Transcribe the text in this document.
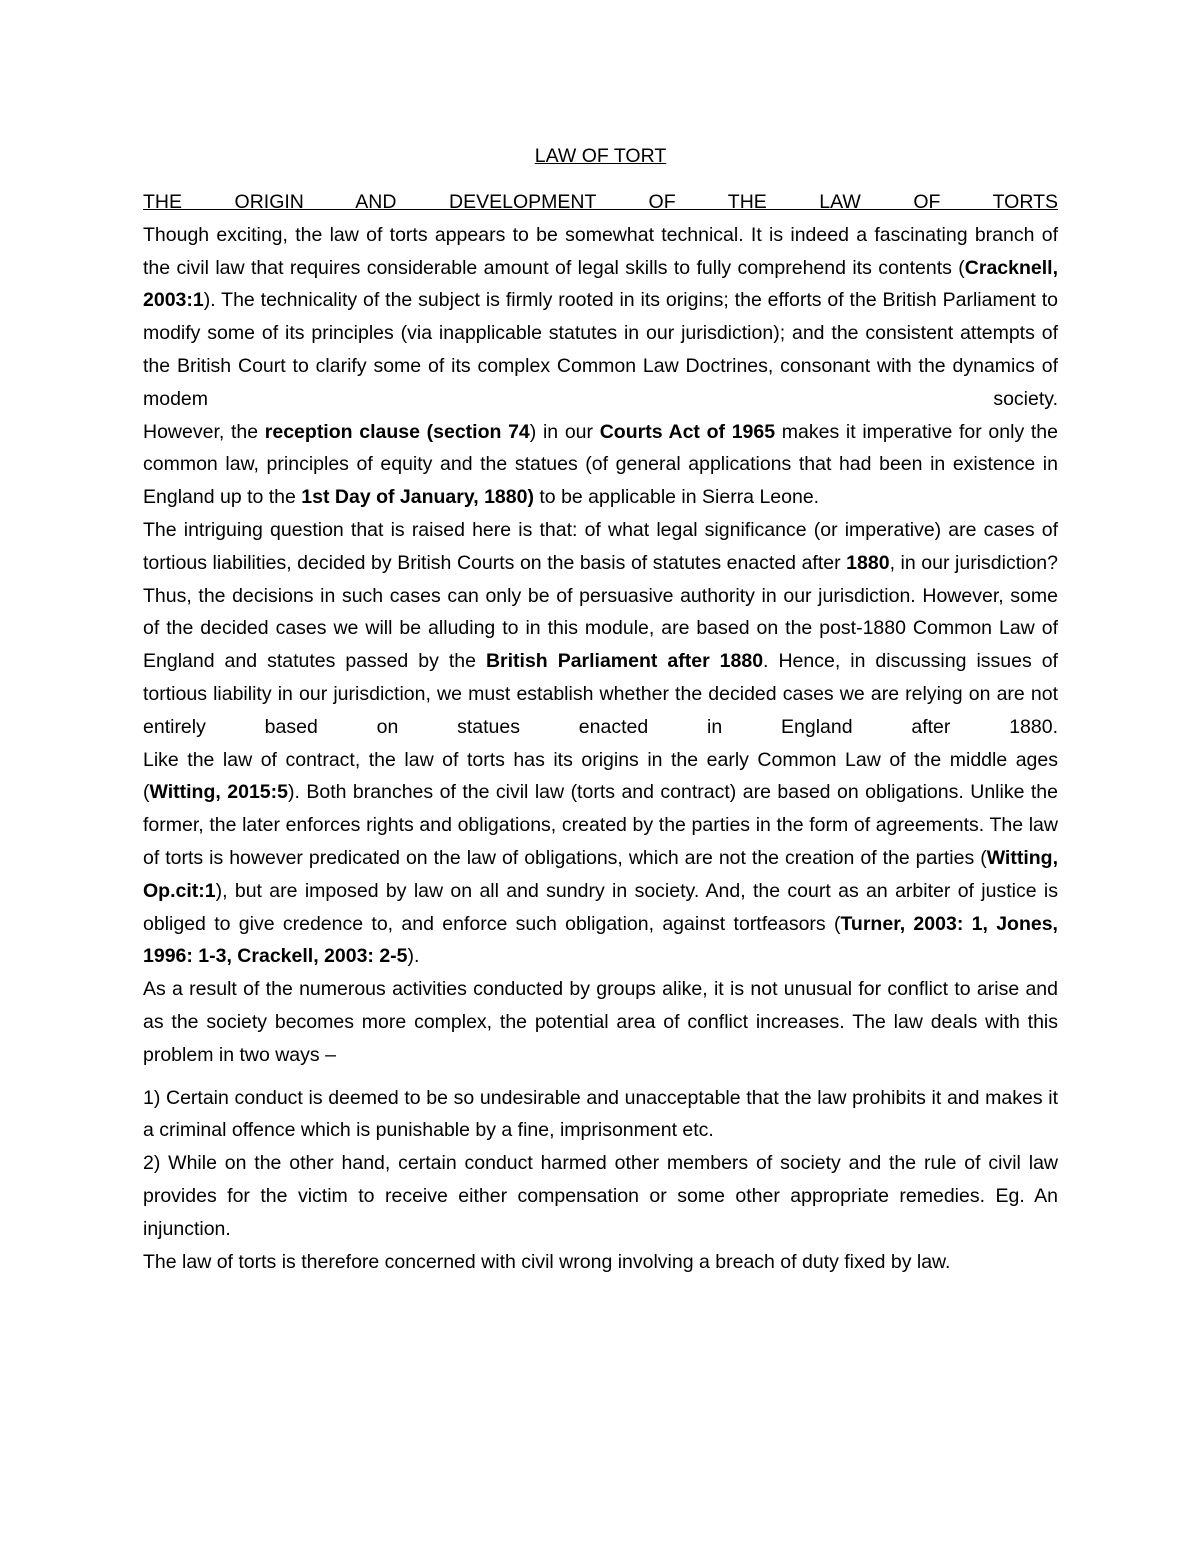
LAW OF TORT
THE ORIGIN AND DEVELOPMENT OF THE LAW OF TORTS

Though exciting, the law of torts appears to be somewhat technical. It is indeed a fascinating branch of the civil law that requires considerable amount of legal skills to fully comprehend its contents (Cracknell, 2003:1). The technicality of the subject is firmly rooted in its origins; the efforts of the British Parliament to modify some of its principles (via inapplicable statutes in our jurisdiction); and the consistent attempts of the British Court to clarify some of its complex Common Law Doctrines, consonant with the dynamics of modem society.

However, the reception clause (section 74) in our Courts Act of 1965 makes it imperative for only the common law, principles of equity and the statues (of general applications that had been in existence in England up to the 1st Day of January, 1880) to be applicable in Sierra Leone.

The intriguing question that is raised here is that: of what legal significance (or imperative) are cases of tortious liabilities, decided by British Courts on the basis of statutes enacted after 1880, in our jurisdiction? Thus, the decisions in such cases can only be of persuasive authority in our jurisdiction. However, some of the decided cases we will be alluding to in this module, are based on the post-1880 Common Law of England and statutes passed by the British Parliament after 1880. Hence, in discussing issues of tortious liability in our jurisdiction, we must establish whether the decided cases we are relying on are not entirely based on statues enacted in England after 1880.

Like the law of contract, the law of torts has its origins in the early Common Law of the middle ages (Witting, 2015:5). Both branches of the civil law (torts and contract) are based on obligations. Unlike the former, the later enforces rights and obligations, created by the parties in the form of agreements. The law of torts is however predicated on the law of obligations, which are not the creation of the parties (Witting, Op.cit:1), but are imposed by law on all and sundry in society. And, the court as an arbiter of justice is obliged to give credence to, and enforce such obligation, against tortfeasors (Turner, 2003: 1, Jones, 1996: 1-3, Crackell, 2003: 2-5).

As a result of the numerous activities conducted by groups alike, it is not unusual for conflict to arise and as the society becomes more complex, the potential area of conflict increases. The law deals with this problem in two ways –

1) Certain conduct is deemed to be so undesirable and unacceptable that the law prohibits it and makes it a criminal offence which is punishable by a fine, imprisonment etc.

2) While on the other hand, certain conduct harmed other members of society and the rule of civil law provides for the victim to receive either compensation or some other appropriate remedies. Eg. An injunction.

The law of torts is therefore concerned with civil wrong involving a breach of duty fixed by law.
